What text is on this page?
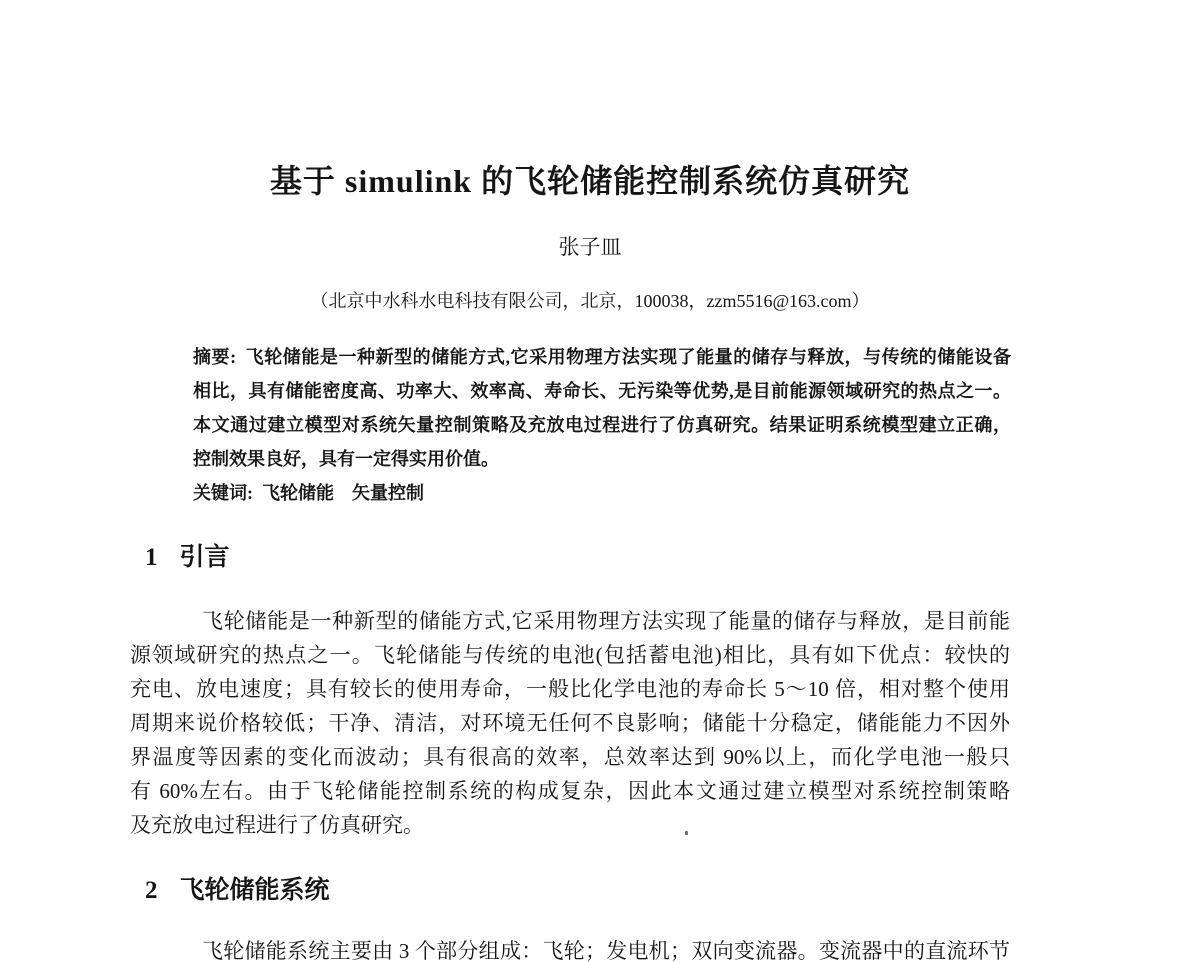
基于 simulink 的飞轮储能控制系统仿真研究
张子皿
（北京中水科水电科技有限公司，北京，100038，zzm5516@163.com）
摘要: 飞轮储能是一种新型的储能方式,它采用物理方法实现了能量的储存与释放，与传统的储能设备
相比，具有储能密度高、功率大、效率高、寿命长、无污染等优势,是目前能源领域研究的热点之一。
本文通过建立模型对系统矢量控制策略及充放电过程进行了仿真研究。结果证明系统模型建立正确，
控制效果良好，具有一定得实用价值。
关键词: 飞轮储能　矢量控制
1 引言
飞轮储能是一种新型的储能方式,它采用物理方法实现了能量的储存与释放，是目前能
源领域研究的热点之一。飞轮储能与传统的电池(包括蓄电池)相比，具有如下优点：较快的
充电、放电速度；具有较长的使用寿命，一般比化学电池的寿命长 5～10 倍，相对整个使用
周期来说价格较低；干净、清洁，对环境无任何不良影响；储能十分稳定，储能能力不因外
界温度等因素的变化而波动；具有很高的效率，总效率达到 90%以上，而化学电池一般只
有 60%左右。由于飞轮储能控制系统的构成复杂，因此本文通过建立模型对系统控制策略
及充放电过程进行了仿真研究。
2 飞轮储能系统
飞轮储能系统主要由 3 个部分组成：飞轮；发电机；双向变流器。变流器中的直流环节
